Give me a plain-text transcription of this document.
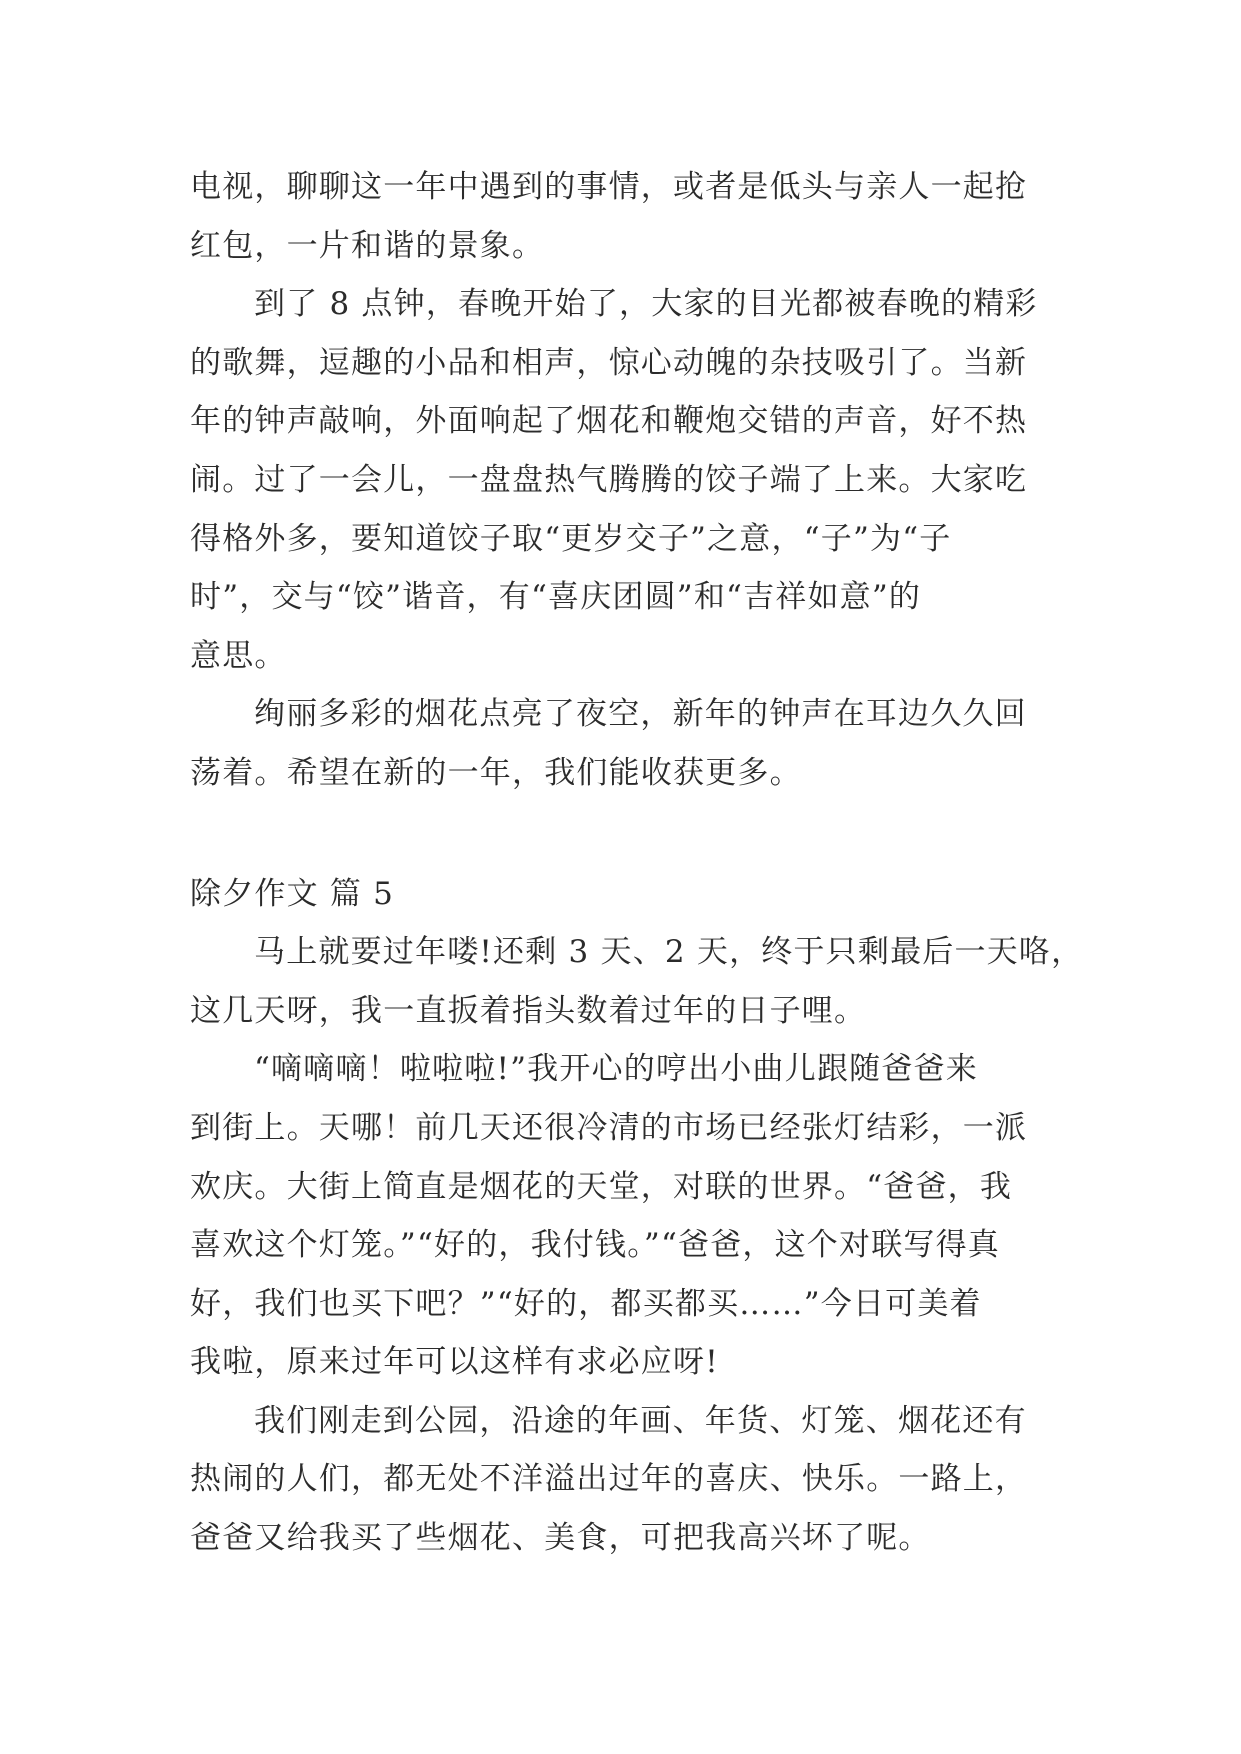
电视，聊聊这一年中遇到的事情，或者是低头与亲人一起抢
红包，一片和谐的景象。
到了 8 点钟，春晚开始了，大家的目光都被春晚的精彩
的歌舞，逗趣的小品和相声，惊心动魄的杂技吸引了。当新
年的钟声敲响，外面响起了烟花和鞭炮交错的声音，好不热
闹。过了一会儿，一盘盘热气腾腾的饺子端了上来。大家吃
得格外多，要知道饺子取“更岁交子”之意，“子”为“子
时”，交与“饺”谐音，有“喜庆团圆”和“吉祥如意”的
意思。
绚丽多彩的烟花点亮了夜空，新年的钟声在耳边久久回
荡着。希望在新的一年，我们能收获更多。
除夕作文 篇 5
马上就要过年喽!还剩 3 天、2 天，终于只剩最后一天咯，
这几天呀，我一直扳着指头数着过年的日子哩。
“嘀嘀嘀！啦啦啦!”我开心的哼出小曲儿跟随爸爸来
到街上。天哪！前几天还很冷清的市场已经张灯结彩，一派
欢庆。大街上简直是烟花的天堂，对联的世界。“爸爸，我
喜欢这个灯笼。”“好的，我付钱。”“爸爸，这个对联写得真
好，我们也买下吧？”“好的，都买都买……”今日可美着
我啦，原来过年可以这样有求必应呀!
我们刚走到公园，沿途的年画、年货、灯笼、烟花还有
热闹的人们，都无处不洋溢出过年的喜庆、快乐。一路上，
爸爸又给我买了些烟花、美食，可把我高兴坏了呢。
